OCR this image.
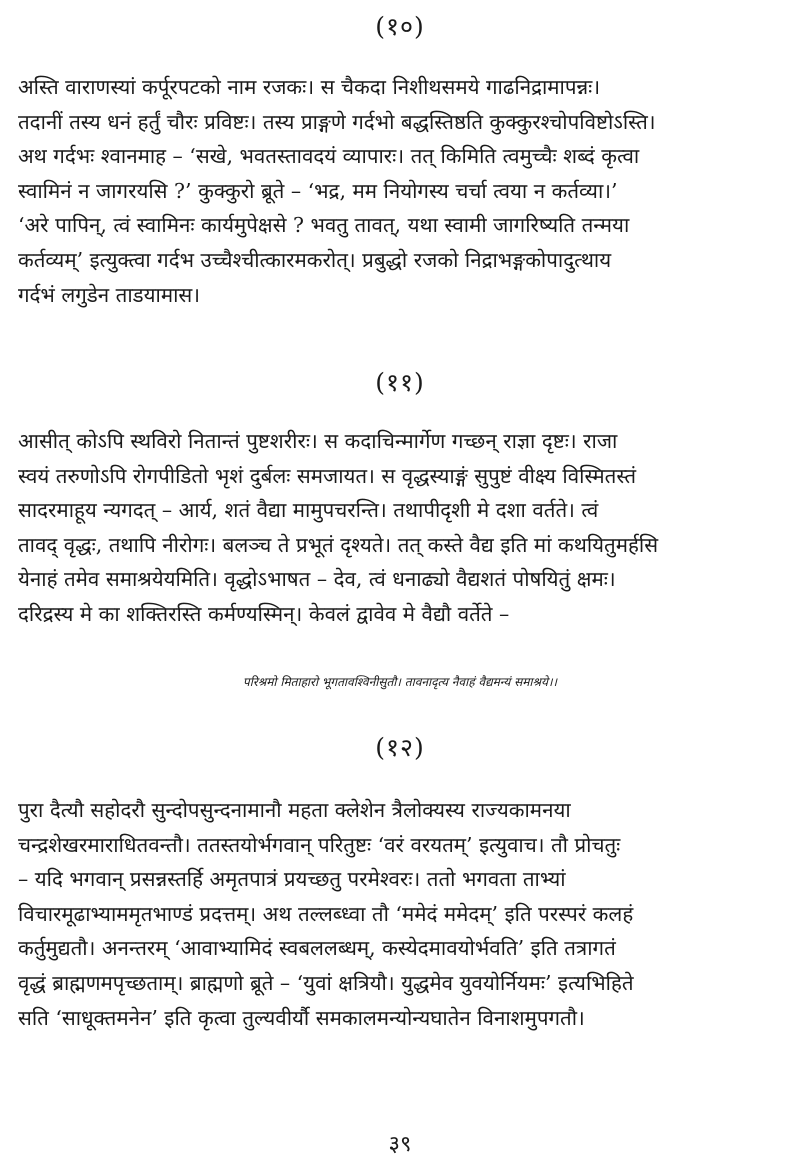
(१०)
अस्ति वाराणस्यां कर्पूरपटको नाम रजकः। स चैकदा निशीथसमये गाढनिद्रामापन्नः।
तदानीं तस्य धनं हर्तुं चौरः प्रविष्टः। तस्य प्राङ्गणे गर्दभो बद्धस्तिष्ठति कुक्कुरश्चोपविष्टोऽस्ति।
अथ गर्दभः श्वानमाह – ‘सखे, भवतस्तावदयं व्यापारः। तत् किमिति त्वमुच्चैः शब्दं कृत्वा
स्वामिनं न जागरयसि ?’ कुक्कुरो ब्रूते – ‘भद्र, मम नियोगस्य चर्चा त्वया न कर्तव्या।’
‘अरे पापिन्, त्वं स्वामिनः कार्यमुपेक्षसे ? भवतु तावत्, यथा स्वामी जागरिष्यति तन्मया
कर्तव्यम्’ इत्युक्त्वा गर्दभ उच्चैश्चीत्कारमकरोत्। प्रबुद्धो रजको निद्राभङ्गकोपादुत्थाय
गर्दभं लगुडेन ताडयामास।
(११)
आसीत् कोऽपि स्थविरो नितान्तं पुष्टशरीरः। स कदाचिन्मार्गेण गच्छन् राज्ञा दृष्टः। राजा
स्वयं तरुणोऽपि रोगपीडितो भृशं दुर्बलः समजायत। स वृद्धस्याङ्गं सुपुष्टं वीक्ष्य विस्मितस्तं
सादरमाहूय न्यगदत् – आर्य, शतं वैद्या मामुपचरन्ति। तथापीदृशी मे दशा वर्तते। त्वं
तावद् वृद्धः, तथापि नीरोगः। बलञ्च ते प्रभूतं दृश्यते। तत् कस्ते वैद्य इति मां कथयितुमर्हसि
येनाहं तमेव समाश्रयेयमिति। वृद्धोऽभाषत – देव, त्वं धनाढ्यो वैद्यशतं पोषयितुं क्षमः।
दरिद्रस्य मे का शक्तिरस्ति कर्मण्यस्मिन्। केवलं द्वावेव मे वैद्यौ वर्तेते –
परिश्रमो मिताहारो भूगतावश्विनीसुतौ। तावनादृत्य नैवाहं वैद्यमन्यं समाश्रये।।
(१२)
पुरा दैत्यौ सहोदरौ सुन्दोपसुन्दनामानौ महता क्लेशेन त्रैलोक्यस्य राज्यकामनया
चन्द्रशेखरमाराधितवन्तौ। ततस्तयोर्भगवान् परितुष्टः ‘वरं वरयतम्’ इत्युवाच। तौ प्रोचतुः
– यदि भगवान् प्रसन्नस्तर्हि अमृतपात्रं प्रयच्छतु परमेश्वरः। ततो भगवता ताभ्यां
विचारमूढाभ्याममृतभाण्डं प्रदत्तम्। अथ तल्लब्ध्वा तौ ‘ममेदं ममेदम्’ इति परस्परं कलहं
कर्तुमुद्यतौ। अनन्तरम् ‘आवाभ्यामिदं स्वबललब्धम्, कस्येदमावयोर्भवति’ इति तत्रागतं
वृद्धं ब्राह्मणमपृच्छताम्। ब्राह्मणो ब्रूते – ‘युवां क्षत्रियौ। युद्धमेव युवयोर्नियमः’ इत्यभिहिते
सति ‘साधूक्तमनेन’ इति कृत्वा तुल्यवीर्यौ समकालमन्योन्यघातेन विनाशमुपगतौ।
३९
